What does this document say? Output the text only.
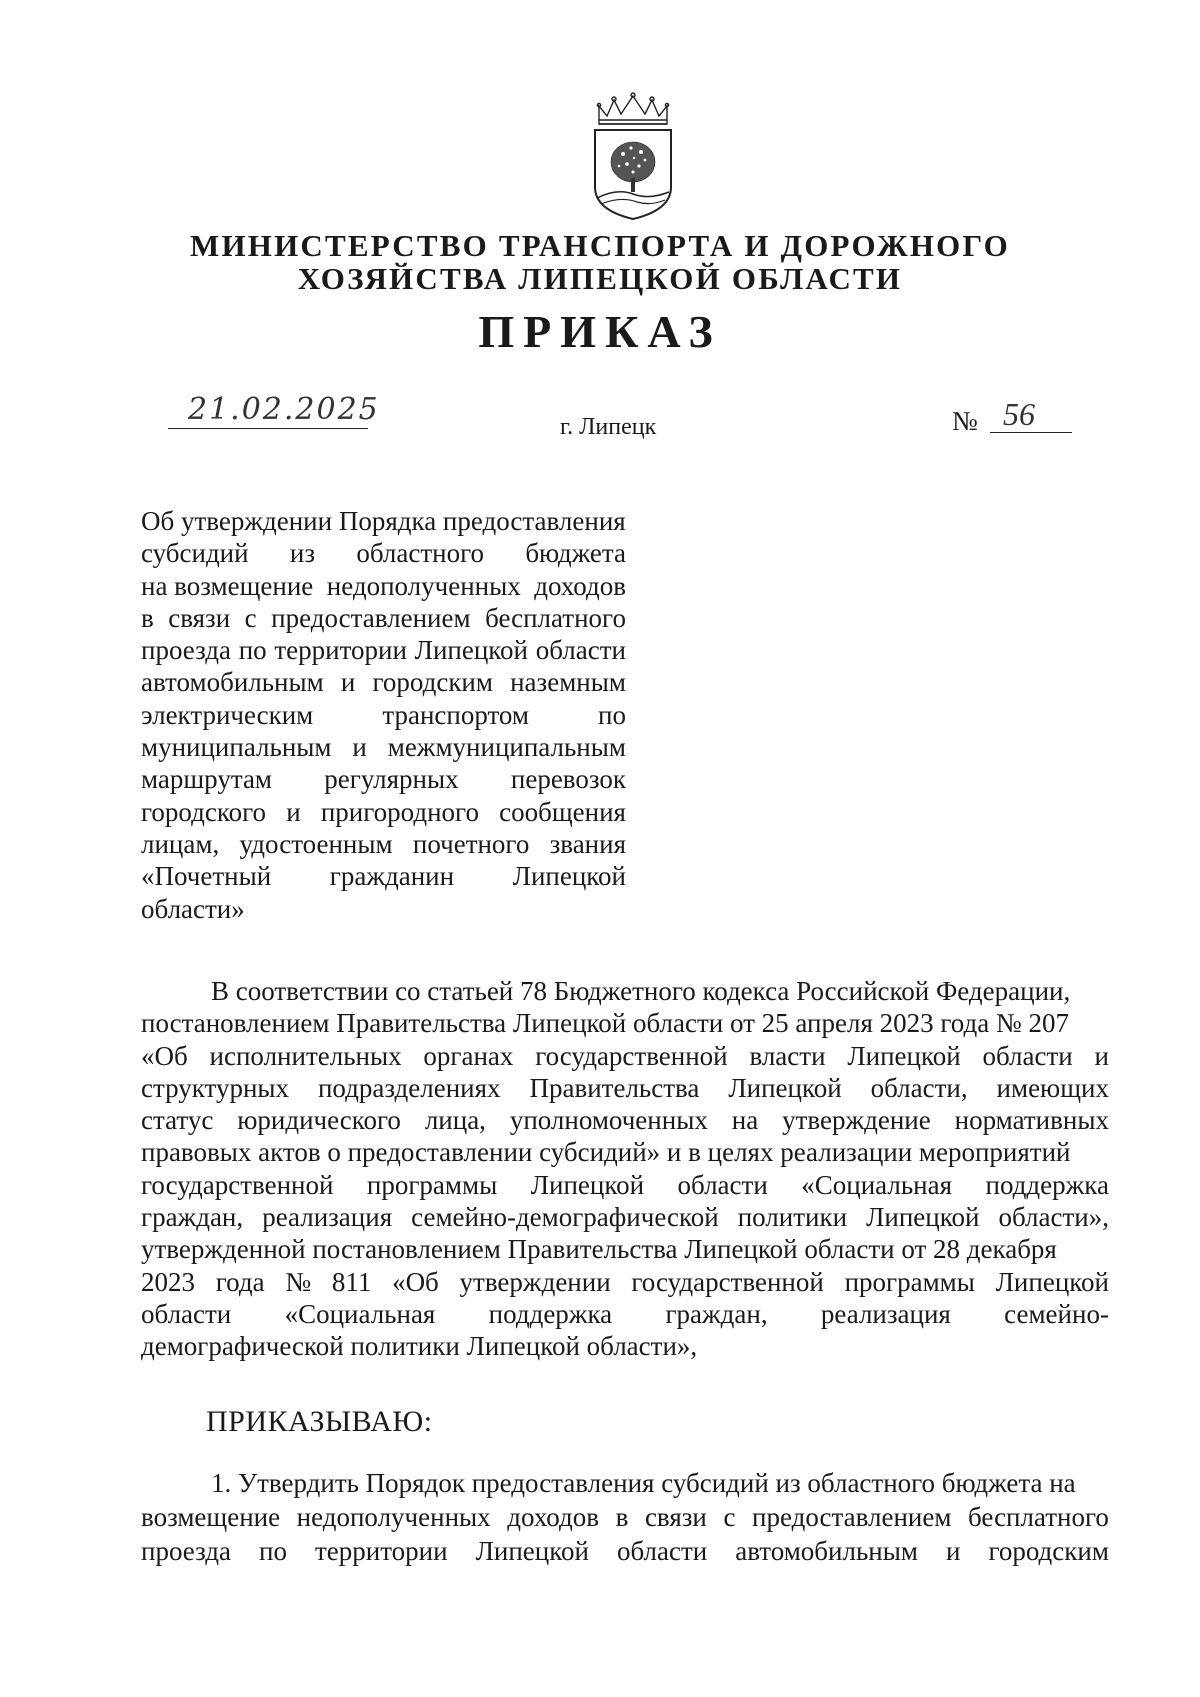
МИНИСТЕРСТВО ТРАНСПОРТА И ДОРОЖНОГО
ХОЗЯЙСТВА ЛИПЕЦКОЙ ОБЛАСТИ
ПРИКАЗ
21.02.2025	г. Липецк	№ 56
Об утверждении Порядка предоставления
субсидий из областного бюджета
на возмещение недополученных доходов
в связи с предоставлением бесплатного
проезда по территории Липецкой области
автомобильным и городским наземным
электрическим	транспортом	по
муниципальным и межмуниципальным
маршрутам регулярных перевозок
городского и пригородного сообщения
лицам, удостоенным почетного звания
«Почетный гражданин Липецкой
области»
В соответствии со статьей 78 Бюджетного кодекса Российской Федерации,
постановлением Правительства Липецкой области от 25 апреля 2023 года № 207
«Об исполнительных органах государственной власти Липецкой области и
структурных подразделениях Правительства Липецкой области, имеющих
статус юридического лица, уполномоченных на утверждение нормативных
правовых актов о предоставлении субсидий» и в целях реализации мероприятий
государственной программы Липецкой области «Социальная поддержка
граждан, реализация семейно-демографической политики Липецкой области»,
утвержденной постановлением Правительства Липецкой области от 28 декабря
2023 года № 811 «Об утверждении государственной программы Липецкой
области «Социальная поддержка граждан, реализация семейно-
демографической политики Липецкой области»,
ПРИКАЗЫВАЮ:
1. Утвердить Порядок предоставления субсидий из областного бюджета на
возмещение недополученных доходов в связи с предоставлением бесплатного
проезда по территории Липецкой области автомобильным и городским
